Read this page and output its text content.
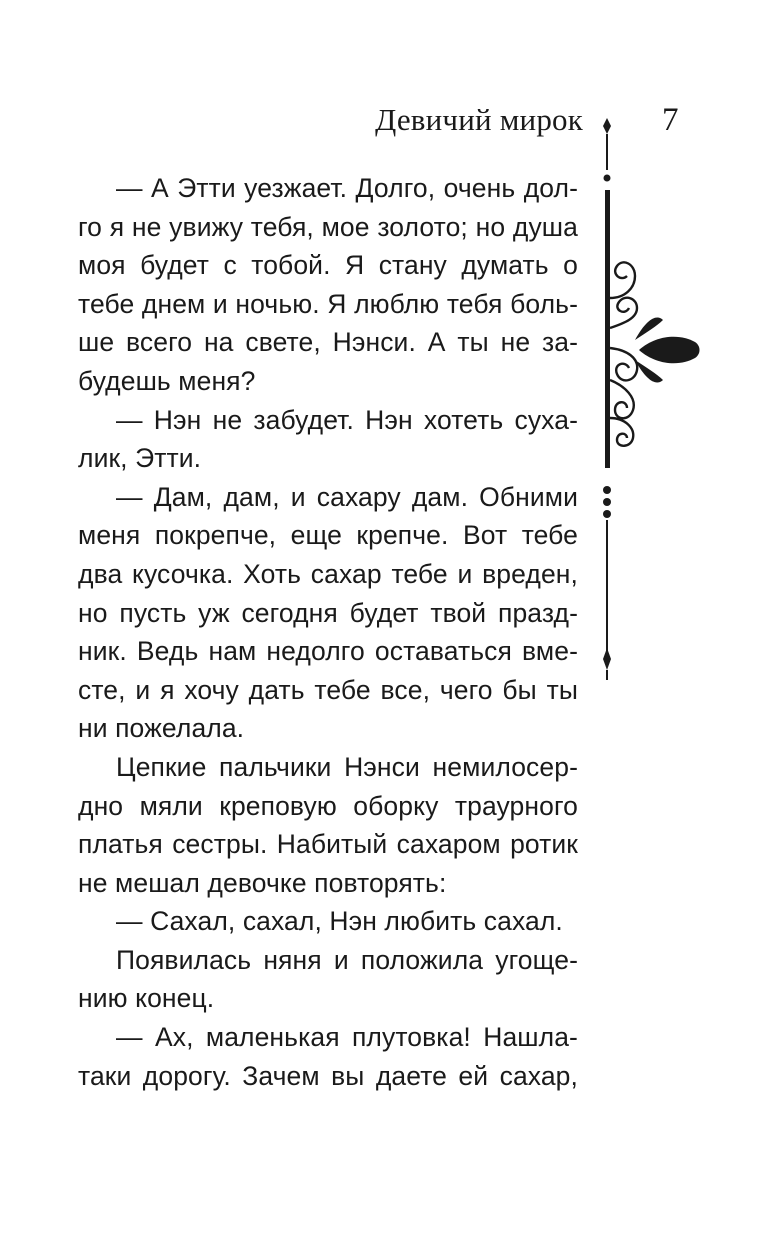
Девичий мирок 7
— А Этти уезжает. Долго, очень дол-
го я не увижу тебя, мое золото; но душа
моя будет с тобой. Я стану думать о
тебе днем и ночью. Я люблю тебя боль-
ше всего на свете, Нэнси. А ты не за-
будешь меня?
— Нэн не забудет. Нэн хотеть суха-
лик, Этти.
— Дам, дам, и сахару дам. Обними
меня покрепче, еще крепче. Вот тебе
два кусочка. Хоть сахар тебе и вреден,
но пусть уж сегодня будет твой празд-
ник. Ведь нам недолго оставаться вме-
сте, и я хочу дать тебе все, чего бы ты
ни пожелала.
Цепкие пальчики Нэнси немилосер-
дно мяли креповую оборку траурного
платья сестры. Набитый сахаром ротик
не мешал девочке повторять:
— Сахал, сахал, Нэн любить сахал.
Появилась няня и положила угоще-
нию конец.
— Ах, маленькая плутовка! Нашла-
таки дорогу. Зачем вы даете ей сахар,
